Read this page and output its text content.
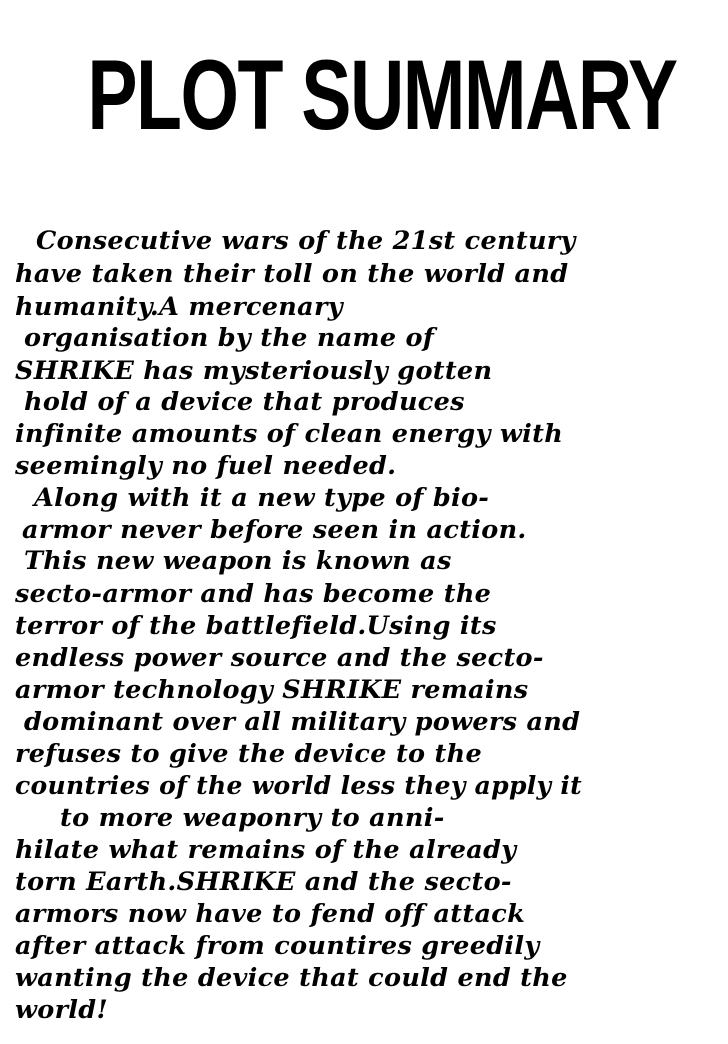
PLOT SUMMARY
Consecutive wars of the 21st century
have taken their toll on the world and
humanity.A mercenary
organisation by the name of
SHRIKE has mysteriously gotten
hold of a device that produces
infinite amounts of clean energy with
seemingly no fuel needed.
Along with it a new type of bio-
armor never before seen in action.
This new weapon is known as
secto-armor and has become the
terror of the battlefield.Using its
endless power source and the secto-
armor technology SHRIKE remains
dominant over all military powers and
refuses to give the device to the
countries of the world less they apply it
to more weaponry to anni-
hilate what remains of the already
torn Earth.SHRIKE and the secto-
armors now have to fend off attack
after attack from countires greedily
wanting the device that could end the
world!
